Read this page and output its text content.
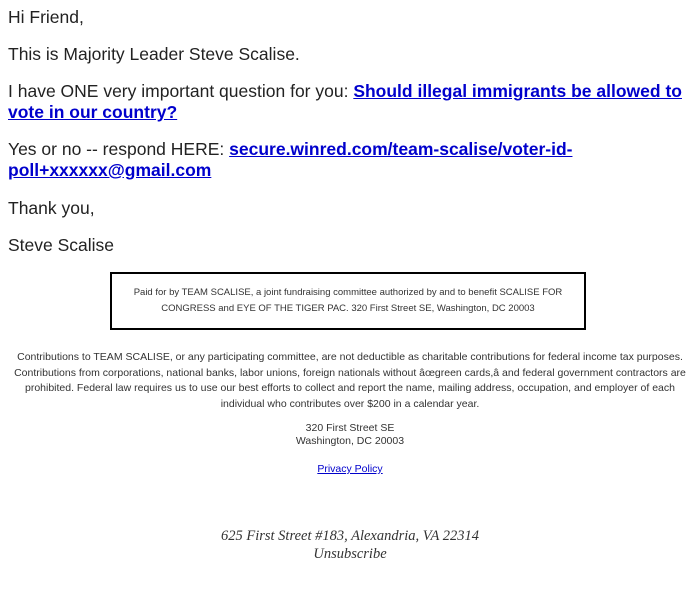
Hi Friend,

This is Majority Leader Steve Scalise.

I have ONE very important question for you: Should illegal immigrants be allowed to vote in our country?

Yes or no -- respond HERE: secure.winred.com/team-scalise/voter-id-poll+xxxxxx@gmail.com

Thank you,

Steve Scalise

Paid for by TEAM SCALISE, a joint fundraising committee authorized by and to benefit SCALISE FOR CONGRESS and EYE OF THE TIGER PAC. 320 First Street SE, Washington, DC 20003

Contributions to TEAM SCALISE, or any participating committee, are not deductible as charitable contributions for federal income tax purposes. Contributions from corporations, national banks, labor unions, foreign nationals without âœgreen cards,â and federal government contractors are prohibited. Federal law requires us to use our best efforts to collect and report the name, mailing address, occupation, and employer of each individual who contributes over $200 in a calendar year.

320 First Street SE
Washington, DC 20003
Privacy Policy
625 First Street #183, Alexandria, VA 22314
Unsubscribe
